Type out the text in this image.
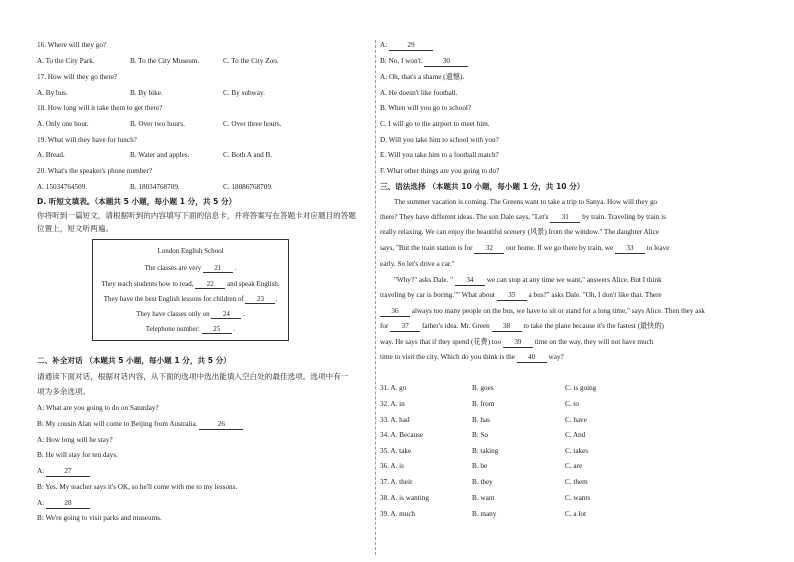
16. Where will they go?
A. To the City Park.	B. To the City Museum.	C. To the City Zoo.
17. How will they go there?
A. By bus.	B. By bike.	C. By subway.
18. How long will it take them to get there?
A. Only one hour.	B. Over two hours.	C. Over three hours.
19. What will they have for lunch?
A. Bread.	B. Water and apples.	C. Both A and B.
20. What's the speaker's phone number?
A. 15034764509.	B. 18034768709.	C. 18086768709.
D. 听短文填表。（本题共 5 小题，每小题 1 分，共 5 分）
你将听到一篇短文，请根据听到的内容填写下面的信息卡，并将答案写在答题卡对应题目的答题
位置上，短文听两遍。
London English School
The classes are very 21 .
They teach students how to read, 22 and speak English.
They have the best English lessons for children of 23 .
They have classes only on 24 .
Telephone number: 25 .
二、补全对话 （本题共 5 小题，每小题 1 分，共 5 分）
请通读下面对话，根据对话内容，从下面的选项中选出能填入空白处的最佳选项。选项中有一
项为多余选项。
A: What are you going to do on Saturday?
B: My cousin Alan will come to Beijing from Australia.	26
A: How long will he stay?
B: He will stay for ten days.
A:	27
B: Yes. My teacher says it's OK, so he'll come with me to my lessons.
A:	28
B: We're going to visit parks and museums.
A:	29
B: No, I won't.	30
A: Oh, that's a shame (遗憾).
A. He doesn't like football.
B. When will you go to school?
C. I will go to the airport to meet him.
D. Will you take him to school with you?
E. Will you take him to a football match?
F. What other things are you going to do?
三、语法选择 （本题共 10 小题，每小题 1 分，共 10 分）
The summer vacation is coming. The Greens want to take a trip to Sanya. How will they go
there? They have different ideas. The son Dale says, "Let's 31 by train. Traveling by train is
really relaxing. We can enjoy the beautiful scenery (风景) from the window." The daughter Alice
says, "But the train station is for 32 our home. If we go there by train, we 33 to leave
early. So let's drive a car."
"Why?" asks Dale. " 34 we can stop at any time we want," answers Alice. But I think
traveling by car is boring."" What about 35 a bus?" asks Dale. "Oh, I don't like that. There
36 always too many people on the bus, we have to sit or stand for a long time," says Alice. Then they ask
for 37 father's idea. Mr. Green 38 to take the plane because it's the fastest (最快的)
way. He says that if they spend (花费) too 39 time on the way, they will not have much
time to visit the city. Which do you think is the 40 way?
31. A. go	B. goes	C. is going
32. A. in	B. from	C. to
33. A. had	B. has	C. have
34. A. Because	B. So	C. And
35. A. take	B. taking	C. takes
36. A. is	B. be	C. are
37. A. their	B. they	C. them
38. A. is wanting	B. want	C. wants
39. A. much	B. many	C. a lot
